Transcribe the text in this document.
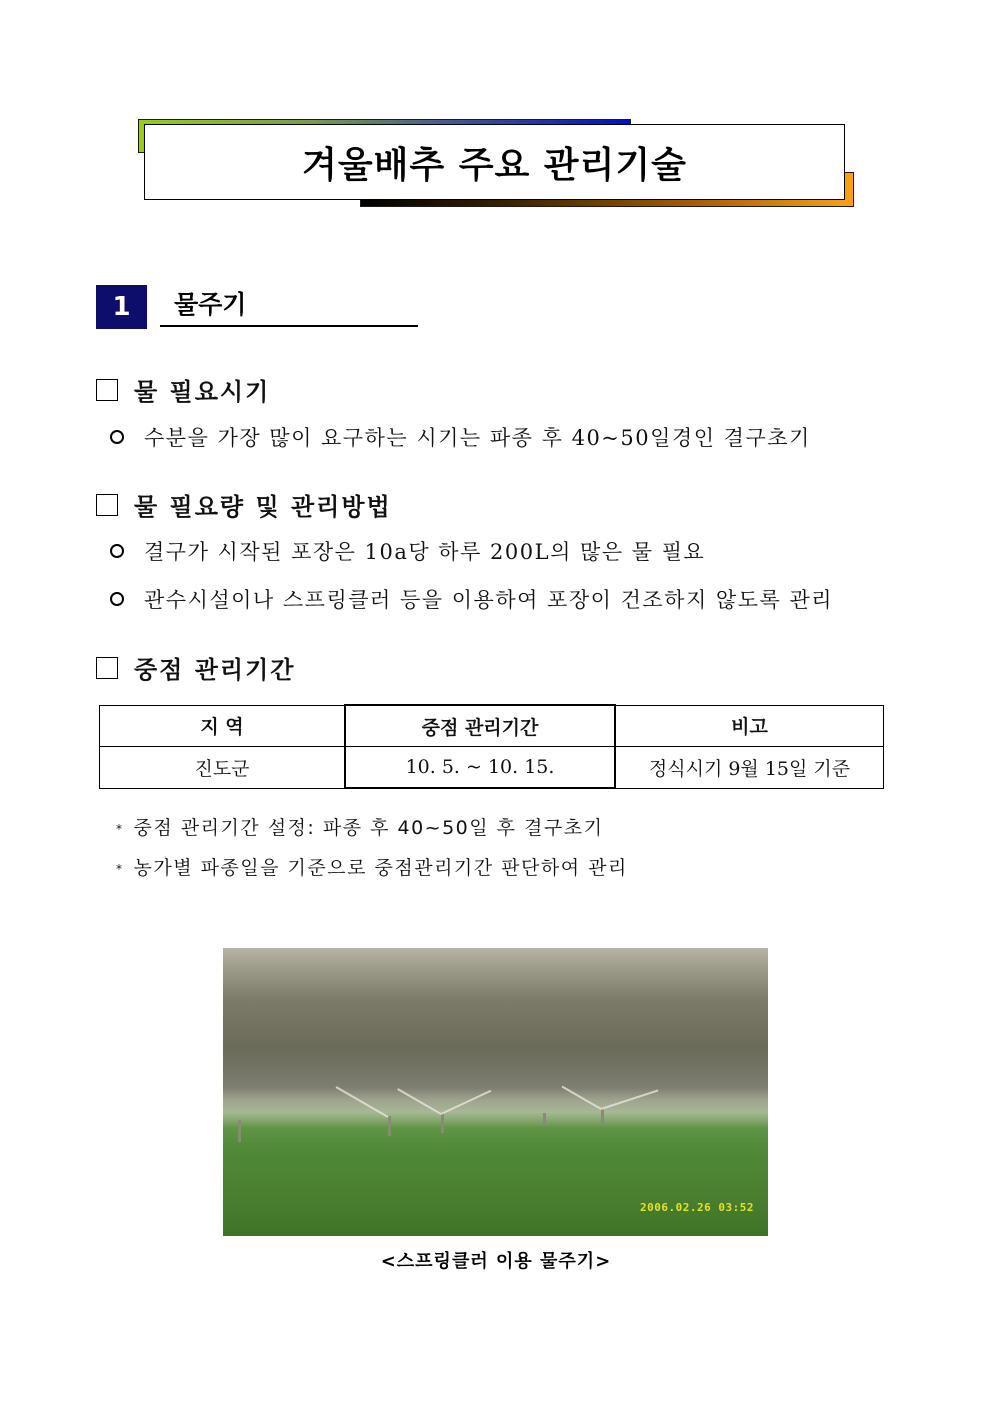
겨울배추 주요 관리기술
1	물주기
물 필요시기
수분을 가장 많이 요구하는 시기는 파종 후 40~50일경인 결구초기
물 필요량 및 관리방법
결구가 시작된 포장은 10a당 하루 200L의 많은 물 필요
관수시설이나 스프링클러 등을 이용하여 포장이 건조하지 않도록 관리
중점 관리기간
지 역	중점 관리기간	비고
진도군	10. 5. ~ 10. 15.	정식시기 9월 15일 기준
* 중점 관리기간 설정: 파종 후 40~50일 후 결구초기
* 농가별 파종일을 기준으로 중점관리기간 판단하여 관리
2006.02.26 03:52
<스프링클러 이용 물주기>
